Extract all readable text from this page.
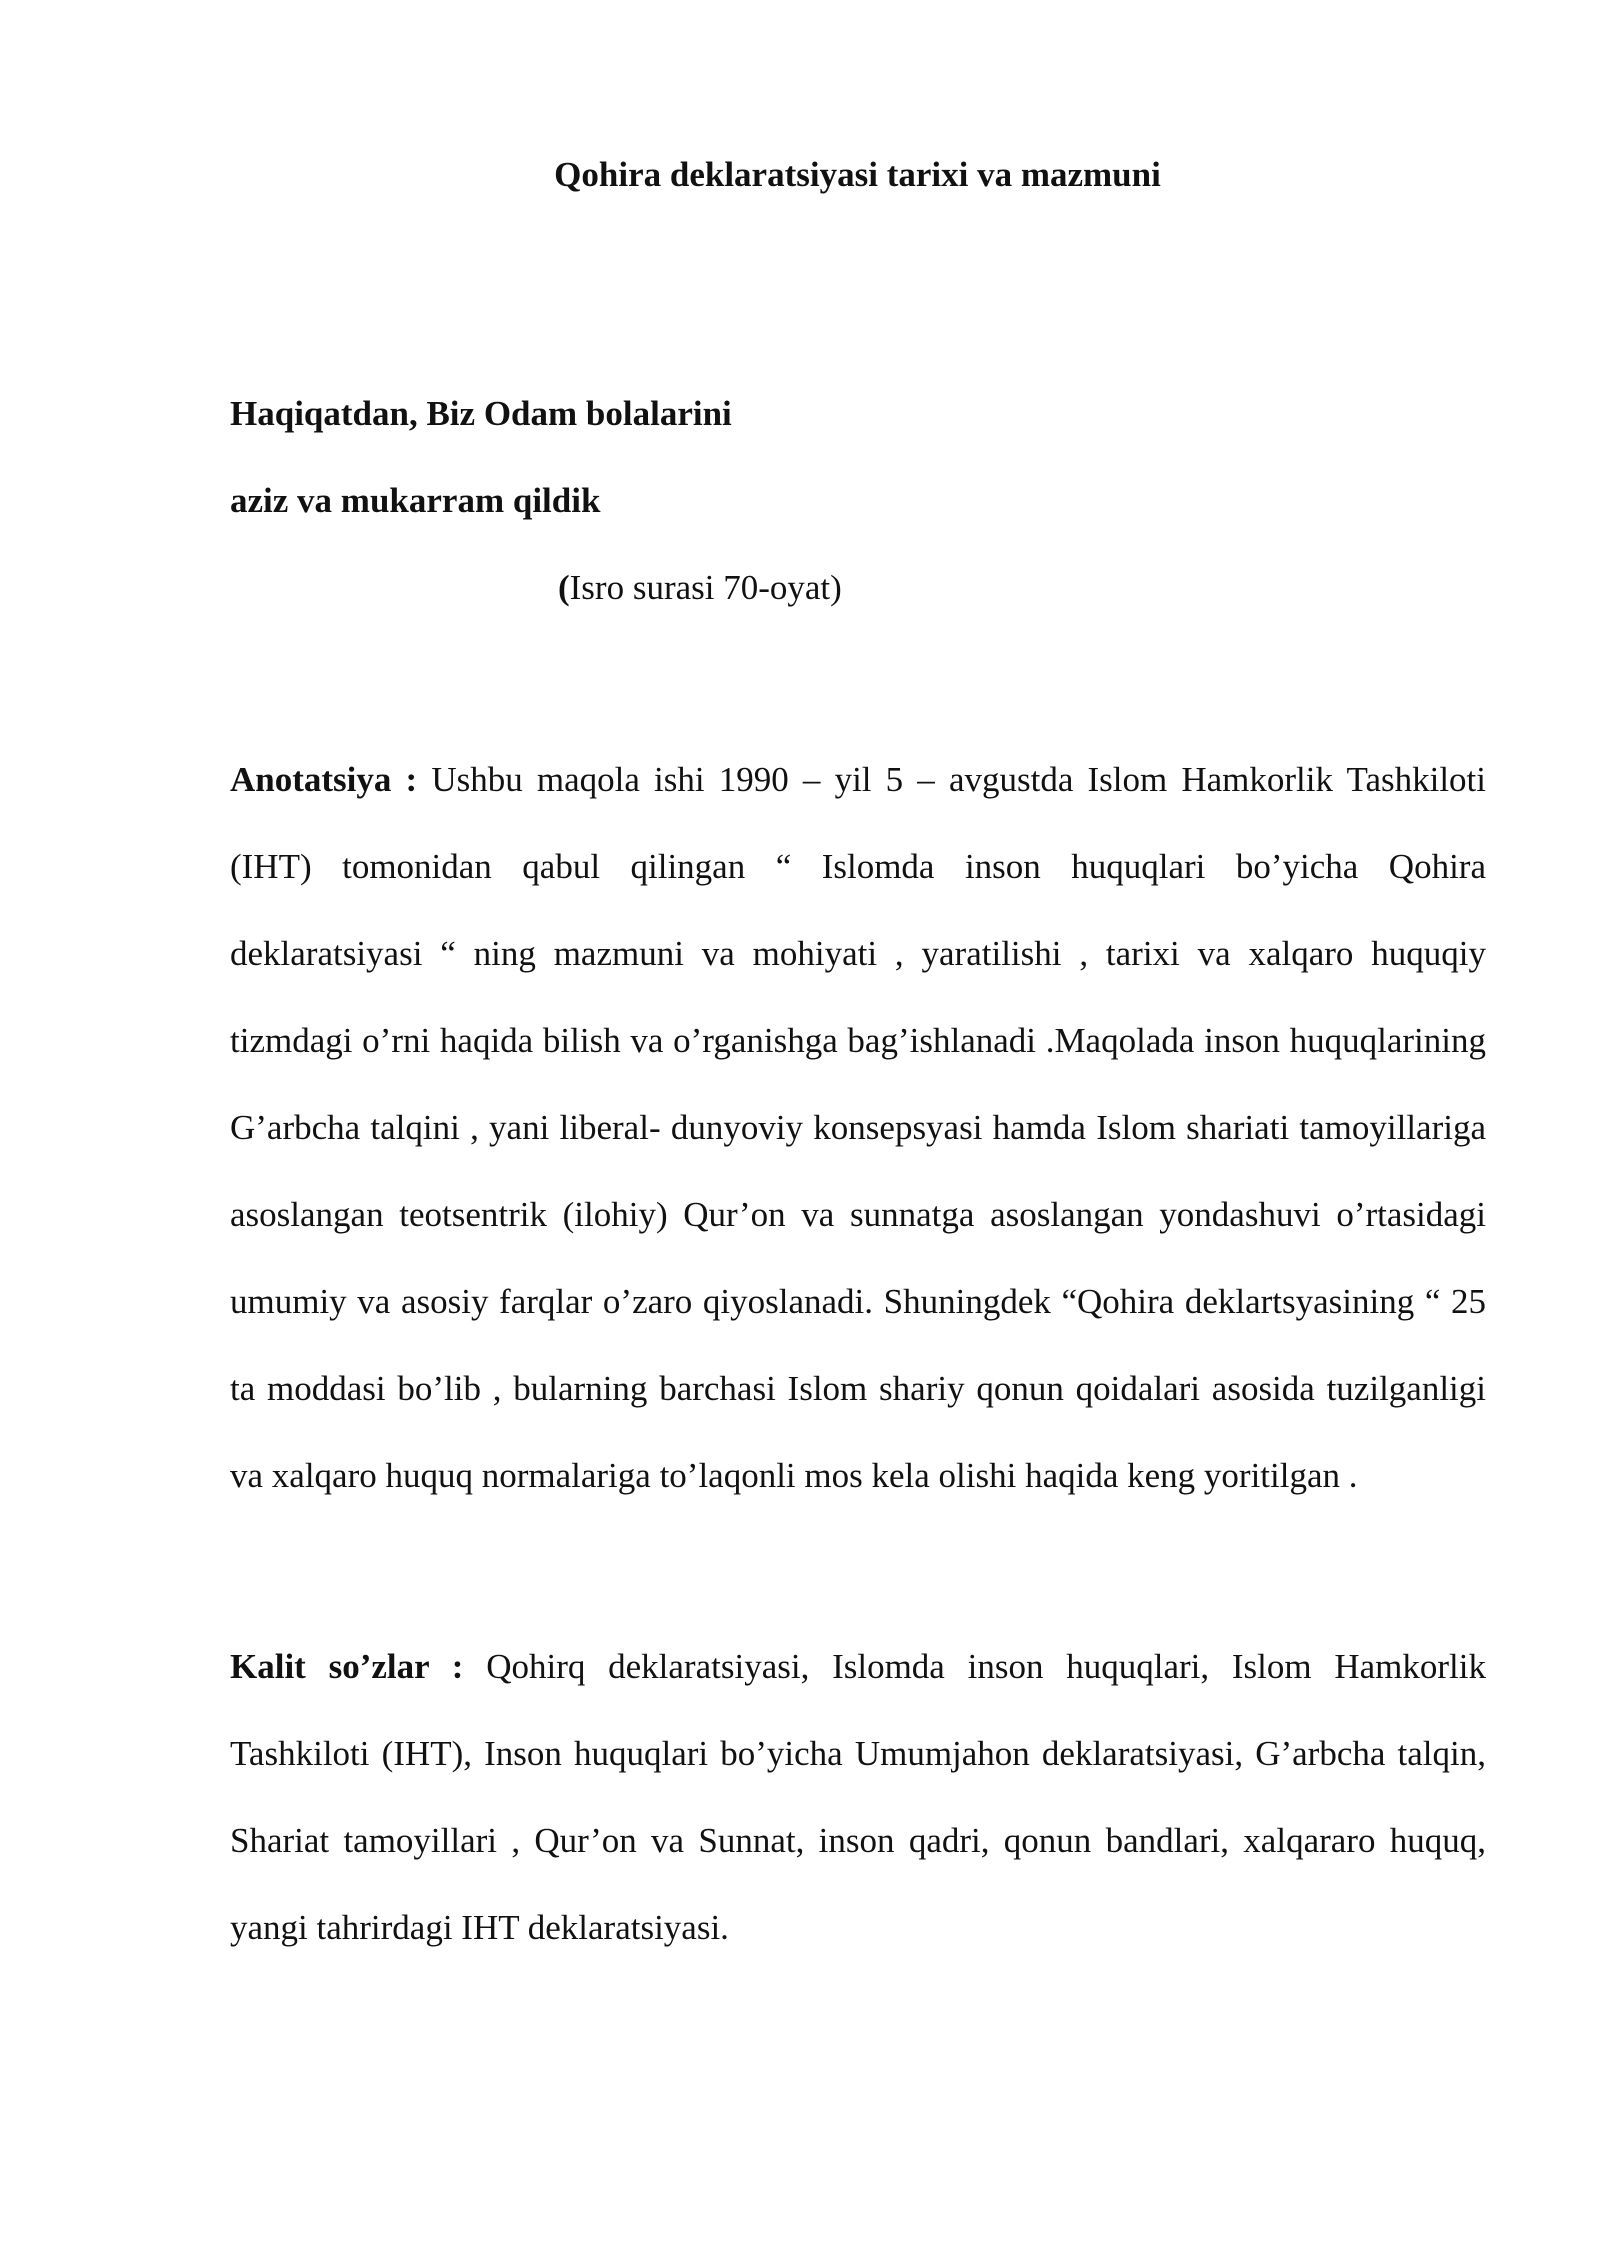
Qohira deklaratsiyasi tarixi va mazmuni
Haqiqatdan, Biz Odam bolalarini
aziz va mukarram qildik
(Isro surasi 70-oyat)

Anotatsiya : Ushbu maqola ishi 1990 – yil 5 – avgustda Islom Hamkorlik Tashkiloti (IHT) tomonidan qabul qilingan “ Islomda inson huquqlari bo’yicha Qohira deklaratsiyasi “ ning mazmuni va mohiyati , yaratilishi , tarixi va xalqaro huquqiy tizmdagi o’rni haqida bilish va o’rganishga bag’ishlanadi .Maqolada inson huquqlarining G’arbcha talqini , yani liberal- dunyoviy konsepsyasi hamda Islom shariati tamoyillariga asoslangan teotsentrik (ilohiy) Qur’on va sunnatga asoslangan yondashuvi o’rtasidagi umumiy va asosiy farqlar o’zaro qiyoslanadi. Shuningdek “Qohira deklartsyasining “ 25 ta moddasi bo’lib , bularning barchasi Islom shariy qonun qoidalari asosida tuzilganligi va xalqaro huquq normalariga to’laqonli mos kela olishi haqida keng yoritilgan .

Kalit so’zlar : Qohirq deklaratsiyasi, Islomda inson huquqlari, Islom Hamkorlik Tashkiloti (IHT), Inson huquqlari bo’yicha Umumjahon deklaratsiyasi, G’arbcha talqin, Shariat tamoyillari , Qur’on va Sunnat, inson qadri, qonun bandlari, xalqararo huquq, yangi tahrirdagi IHT deklaratsiyasi.
